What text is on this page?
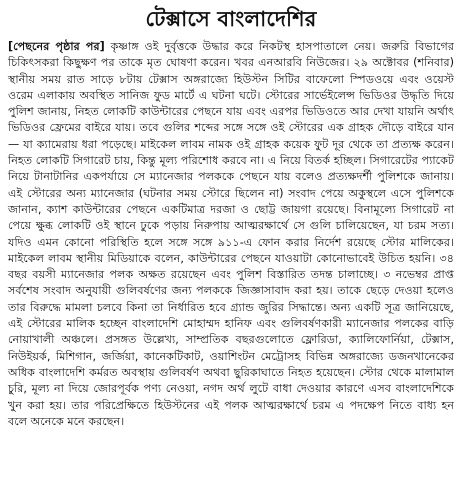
টেক্সাসে বাংলাদেশির

[পেছনের পৃষ্ঠার পর] কৃষ্ণাঙ্গ ওই দুর্বৃত্তকে উদ্ধার করে নিকটস্থ হাসপাতালে নেয়। জরুরি বিভাগের চিকিৎসকরা কিছুক্ষণ পর তাকে মৃত ঘোষণা করেন। খবর এনআরবি নিউজের। ২৯ অক্টোবর (শনিবার) স্থানীয় সময় রাত সাড়ে ৮টায় টেক্সাস অঙ্গরাজ্যে হিউস্টন সিটির বাফেলো স্পিডওয়ে এবং ওয়েস্ট ওরেম এলাকায় অবস্থিত সানিজ ফুড মার্টে এ ঘটনা ঘটে। স্টোরের সার্ভেইলেন্স ভিডিওর উদ্ধৃতি দিয়ে পুলিশ জানায়, নিহত লোকটি কাউন্টারের পেছনে যায় এবং এরপর ভিডিওতে আর দেখা যায়নি অর্থাৎ ভিডিওর ফ্রেমের বাইরে যায়। তবে গুলির শব্দের সঙ্গে সঙ্গে ওই স্টোরের এক গ্রাহক দৌড়ে বাইরে যান— যা ক্যামেরায় ধরা পড়েছে। মাইকেল লাবম নামক ওই গ্রাহক কয়েক ফুট দূর থেকে তা প্রত্যক্ষ করেন। নিহত লোকটি সিগারেট চায়, কিন্তু মূল্য পরিশোধ করবে না। এ নিয়ে বিতর্ক হচ্ছিল। সিগারেটের প্যাকেট নিয়ে টানাটানির একপর্যায়ে সে ম্যানেজার পলককে পেছনে যায় বলেও প্রত্যক্ষদর্শী পুলিশকে জানায়। এই স্টোরের অন্য ম্যানেজার (ঘটনার সময় স্টোরে ছিলেন না) সংবাদ পেয়ে অকুস্থলে এসে পুলিশকে জানান, ক্যাশ কাউন্টারের পেছনে একটিমাত্র দরজা ও ছোট্ট জায়গা রয়েছে। বিনামূল্যে সিগারেট না পেয়ে ক্ষুব্ধ লোকটি ওই স্থানে ঢুকে পড়ায় নিরুপায় আত্মরক্ষার্থে সে গুলি চালিয়েছেন, যা চরম সত্য। যদিও এমন কোনো পরিস্থিতি হলে সঙ্গে সঙ্গে ৯১১-এ ফোন করার নির্দেশ রয়েছে স্টোর মালিকের। মাইকেল লাবম স্থানীয় মিডিয়াকে বলেন, কাউন্টারের পেছনে যাওয়াটা কোনোভাবেই উচিত হয়নি। ৩৪ বছর বয়সী ম্যানেজার পলক অক্ষত রয়েছেন এবং পুলিশ বিস্তারিত তদন্ত চালাচ্ছে। ৩ নভেম্বর প্রাপ্ত সর্বশেষ সংবাদ অনুযায়ী গুলিবর্ষণের জন্য পলককে জিজ্ঞাসাবাদ করা হয়। তাকে ছেড়ে দেওয়া হলেও তার বিরুদ্ধে মামলা চলবে কিনা তা নির্ধারিত হবে গ্র্যান্ড জুরির সিদ্ধান্তে। অন্য একটি সূত্র জানিয়েছে, এই স্টোরের মালিক হচ্ছেন বাংলাদেশি মোহাম্মদ হানিফ এবং গুলিবর্ষণকারী ম্যানেজার পলকের বাড়ি নোয়াখালী অঞ্চলে। প্রসঙ্গত উল্লেখ্য, সাম্প্রতিক বছরগুলোতে ফ্লোরিডা, ক্যালিফোর্নিয়া, টেক্সাস, নিউইয়র্ক, মিশিগান, জর্জিয়া, কানেকটিকাট, ওয়াশিংটন মেট্রোসহ বিভিন্ন অঙ্গরাজ্যে ডজনখানেকের অধিক বাংলাদেশি কর্মরত অবস্থায় গুলিবর্ষণ অথবা ছুরিকাঘাতে নিহত হয়েছেন। স্টোর থেকে মালামাল চুরি, মূল্য না দিয়ে জোরপূর্বক পণ্য নেওয়া, নগদ অর্থ লুটে বাধা দেওয়ার কারণে এসব বাংলাদেশিকে খুন করা হয়। তার পরিপ্রেক্ষিতে হিউস্টনের এই পলক আত্মরক্ষার্থে চরম এ পদক্ষেপ নিতে বাধ্য হন বলে অনেকে মনে করছেন।
